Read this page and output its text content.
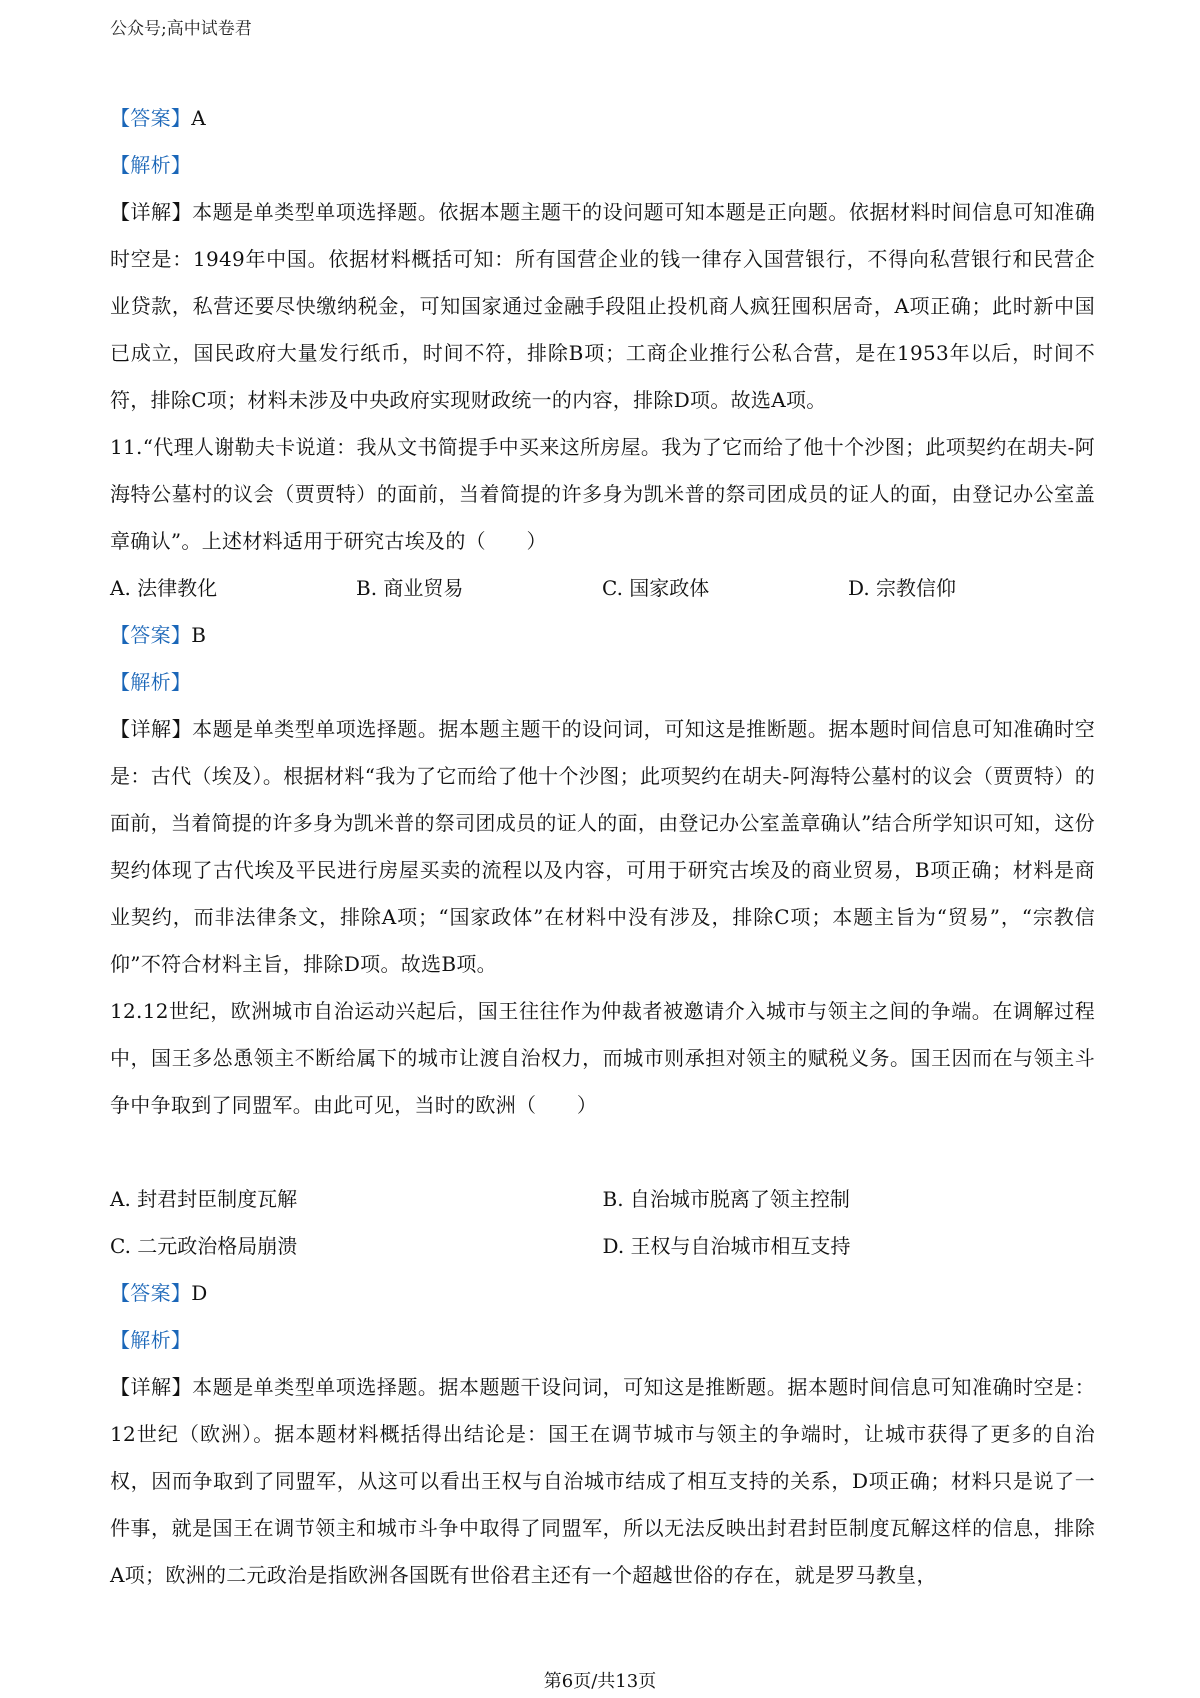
公众号;高中试卷君
【答案】A
【解析】
【详解】本题是单类型单项选择题。依据本题主题干的设问题可知本题是正向题。依据材料时间信息可知准确时空是：1949年中国。依据材料概括可知：所有国营企业的钱一律存入国营银行，不得向私营银行和民营企业贷款，私营还要尽快缴纳税金，可知国家通过金融手段阻止投机商人疯狂囤积居奇，A项正确；此时新中国已成立，国民政府大量发行纸币，时间不符，排除B项；工商企业推行公私合营，是在1953年以后，时间不符，排除C项；材料未涉及中央政府实现财政统一的内容，排除D项。故选A项。
11.“代理人谢勒夫卡说道：我从文书简提手中买来这所房屋。我为了它而给了他十个沙图；此项契约在胡夫-阿海特公墓村的议会（贾贾特）的面前，当着简提的许多身为凯米普的祭司团成员的证人的面，由登记办公室盖章确认”。上述材料适用于研究古埃及的（　　）
A. 法律教化	B. 商业贸易	C. 国家政体	D. 宗教信仰
【答案】B
【解析】
【详解】本题是单类型单项选择题。据本题主题干的设问词，可知这是推断题。据本题时间信息可知准确时空是：古代（埃及）。根据材料“我为了它而给了他十个沙图；此项契约在胡夫-阿海特公墓村的议会（贾贾特）的面前，当着简提的许多身为凯米普的祭司团成员的证人的面，由登记办公室盖章确认”结合所学知识可知，这份契约体现了古代埃及平民进行房屋买卖的流程以及内容，可用于研究古埃及的商业贸易，B项正确；材料是商业契约，而非法律条文，排除A项；“国家政体”在材料中没有涉及，排除C项；本题主旨为“贸易”，“宗教信仰”不符合材料主旨，排除D项。故选B项。
12.12世纪，欧洲城市自治运动兴起后，国王往往作为仲裁者被邀请介入城市与领主之间的争端。在调解过程中，国王多怂恿领主不断给属下的城市让渡自治权力，而城市则承担对领主的赋税义务。国王因而在与领主斗争中争取到了同盟军。由此可见，当时的欧洲（　　）
A. 封君封臣制度瓦解	B. 自治城市脱离了领主控制
C. 二元政治格局崩溃	D. 王权与自治城市相互支持
【答案】D
【解析】
【详解】本题是单类型单项选择题。据本题题干设问词，可知这是推断题。据本题时间信息可知准确时空是：12世纪（欧洲）。据本题材料概括得出结论是：国王在调节城市与领主的争端时，让城市获得了更多的自治权，因而争取到了同盟军，从这可以看出王权与自治城市结成了相互支持的关系，D项正确；材料只是说了一件事，就是国王在调节领主和城市斗争中取得了同盟军，所以无法反映出封君封臣制度瓦解这样的信息，排除A项；欧洲的二元政治是指欧洲各国既有世俗君主还有一个超越世俗的存在，就是罗马教皇，
第6页/共13页
